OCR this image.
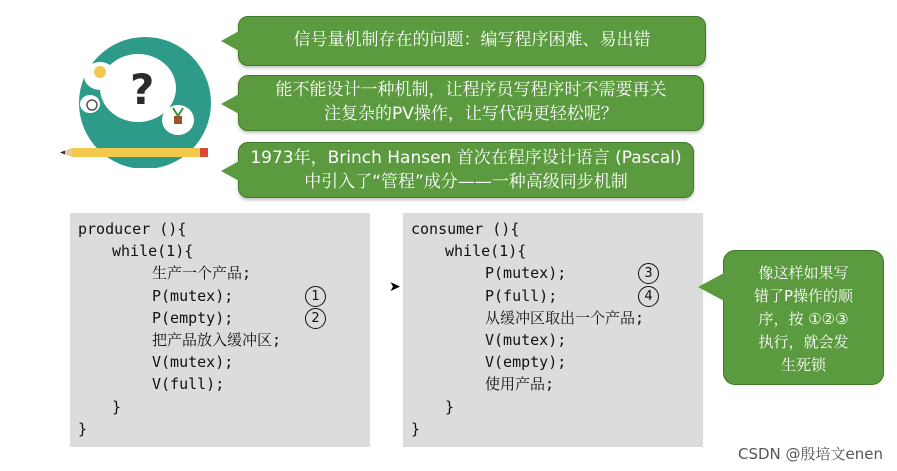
?
信号量机制存在的问题：编写程序困难、易出错
能不能设计一种机制，让程序员写程序时不需要再关
注复杂的PV操作，让写代码更轻松呢？
1973年，Brinch Hansen 首次在程序设计语言 (Pascal)
中引入了“管程”成分——一种高级同步机制
producer (){
while(1){
生产一个产品;
P(mutex);
P(empty);
把产品放入缓冲区;
V(mutex);
V(full);
}
}
1
2
consumer (){
while(1){
P(mutex);
P(full);
从缓冲区取出一个产品;
V(mutex);
V(empty);
使用产品;
}
}
3
4
像这样如果写
错了P操作的顺
序，按 ①②③
执行，就会发
生死锁
➤
CSDN @殷培文enen
